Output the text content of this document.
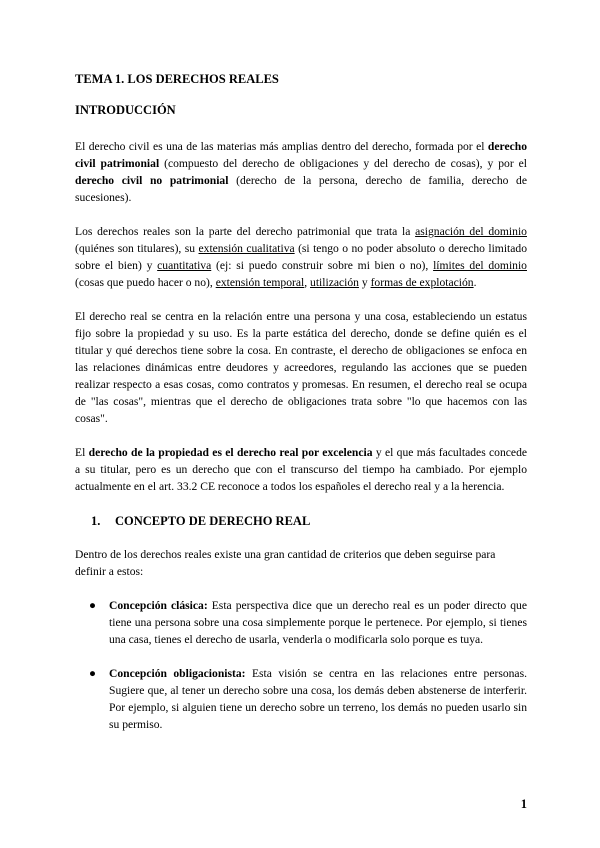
TEMA 1. LOS DERECHOS REALES
INTRODUCCIÓN

El derecho civil es una de las materias más amplias dentro del derecho, formada por el derecho civil patrimonial (compuesto del derecho de obligaciones y del derecho de cosas), y por el derecho civil no patrimonial (derecho de la persona, derecho de familia, derecho de sucesiones).

Los derechos reales son la parte del derecho patrimonial que trata la asignación del dominio (quiénes son titulares), su extensión cualitativa (si tengo o no poder absoluto o derecho limitado sobre el bien) y cuantitativa (ej: si puedo construir sobre mi bien o no), límites del dominio (cosas que puedo hacer o no), extensión temporal, utilización y formas de explotación.

El derecho real se centra en la relación entre una persona y una cosa, estableciendo un estatus fijo sobre la propiedad y su uso. Es la parte estática del derecho, donde se define quién es el titular y qué derechos tiene sobre la cosa. En contraste, el derecho de obligaciones se enfoca en las relaciones dinámicas entre deudores y acreedores, regulando las acciones que se pueden realizar respecto a esas cosas, como contratos y promesas. En resumen, el derecho real se ocupa de "las cosas", mientras que el derecho de obligaciones trata sobre "lo que hacemos con las cosas".

El derecho de la propiedad es el derecho real por excelencia y el que más facultades concede a su titular, pero es un derecho que con el transcurso del tiempo ha cambiado. Por ejemplo actualmente en el art. 33.2 CE reconoce a todos los españoles el derecho real y a la herencia.

1. CONCEPTO DE DERECHO REAL

Dentro de los derechos reales existe una gran cantidad de criterios que deben seguirse para definir a estos:

● Concepción clásica: Esta perspectiva dice que un derecho real es un poder directo que tiene una persona sobre una cosa simplemente porque le pertenece. Por ejemplo, si tienes una casa, tienes el derecho de usarla, venderla o modificarla solo porque es tuya.
● Concepción obligacionista: Esta visión se centra en las relaciones entre personas. Sugiere que, al tener un derecho sobre una cosa, los demás deben abstenerse de interferir. Por ejemplo, si alguien tiene un derecho sobre un terreno, los demás no pueden usarlo sin su permiso.
1
